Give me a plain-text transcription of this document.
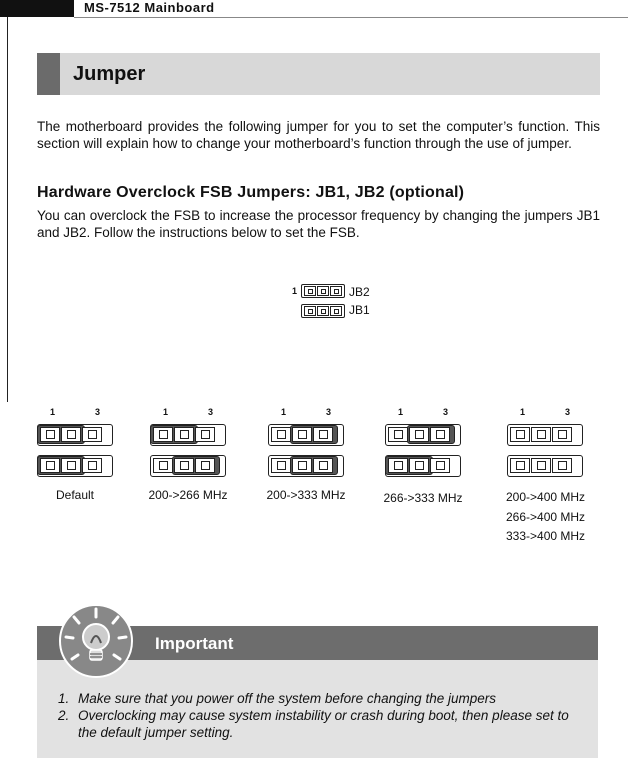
MS-7512 Mainboard
Jumper
The motherboard provides the following jumper for you to set the computer’s function. This section will explain how to change your motherboard’s function through the use of jumper.
Hardware Overclock FSB Jumpers: JB1, JB2 (optional)
You can overclock the FSB to increase the processor frequency by changing the jumpers JB1 and JB2. Follow the instructions below to set the FSB.
1	JB2
JB1
1	3
Default
1	3
200->266 MHz
1	3
200->333 MHz
1	3
266->333 MHz
1	3
200->400 MHz
266->400 MHz
333->400 MHz
Important
1. Make sure that you power off the system before changing the jumpers
2. Overclocking may cause system instability or crash during boot, then please set to the default jumper setting.
